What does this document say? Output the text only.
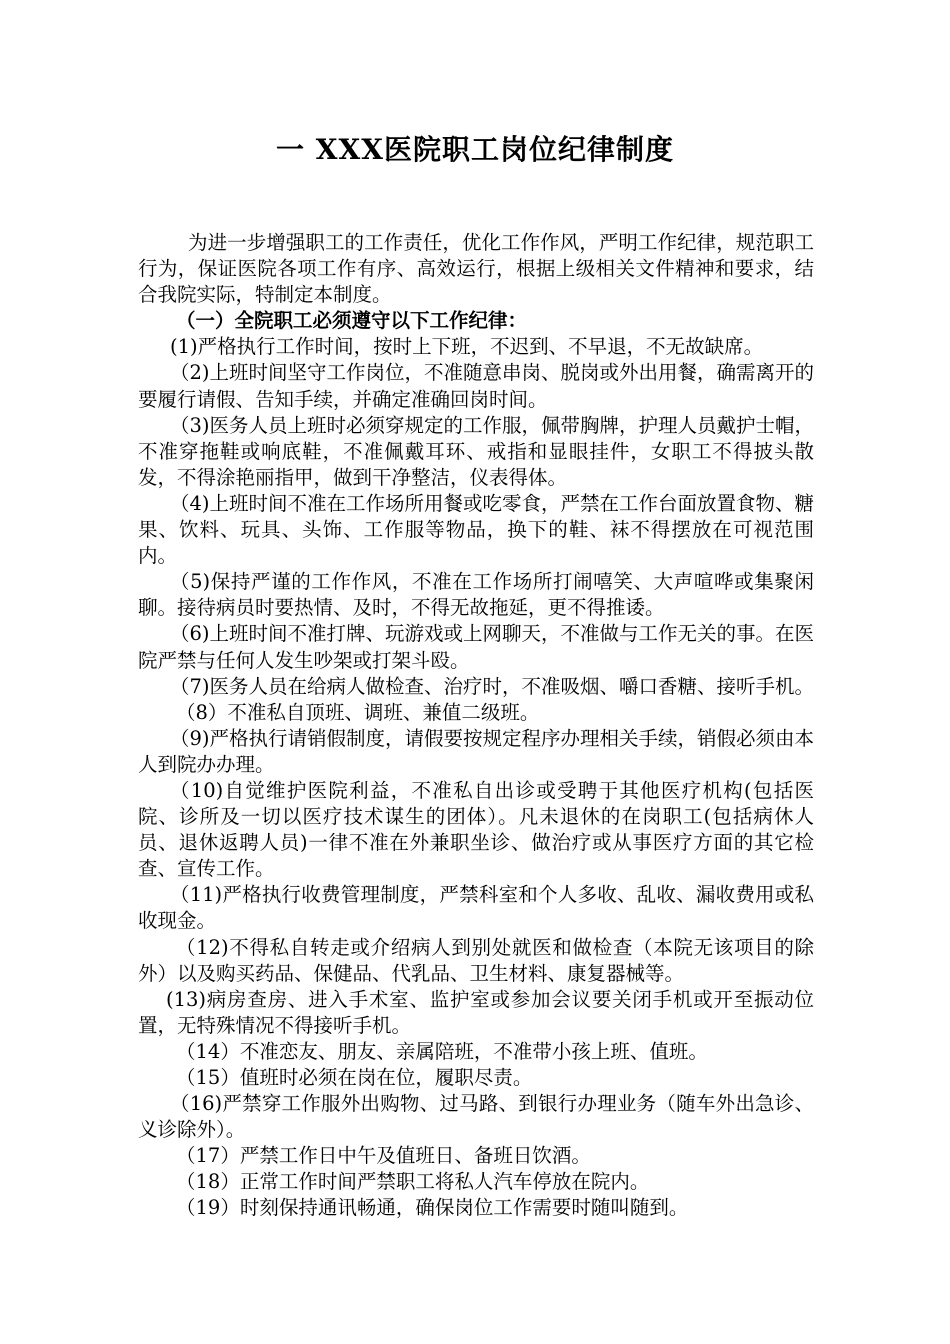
一 XXX医院职工岗位纪律制度

为进一步增强职工的工作责任，优化工作作风，严明工作纪律，规范职工行为，保证医院各项工作有序、高效运行，根据上级相关文件精神和要求，结合我院实际，特制定本制度。

（一）全院职工必须遵守以下工作纪律：

(1)严格执行工作时间，按时上下班，不迟到、不早退，不无故缺席。

（2)上班时间坚守工作岗位，不准随意串岗、脱岗或外出用餐，确需离开的要履行请假、告知手续，并确定准确回岗时间。

（3)医务人员上班时必须穿规定的工作服，佩带胸牌，护理人员戴护士帽，不准穿拖鞋或响底鞋，不准佩戴耳环、戒指和显眼挂件，女职工不得披头散发，不得涂艳丽指甲，做到干净整洁，仪表得体。

（4)上班时间不准在工作场所用餐或吃零食，严禁在工作台面放置食物、糖果、饮料、玩具、头饰、工作服等物品，换下的鞋、袜不得摆放在可视范围内。

（5)保持严谨的工作作风，不准在工作场所打闹嘻笑、大声喧哗或集聚闲聊。接待病员时要热情、及时，不得无故拖延，更不得推诿。

（6)上班时间不准打牌、玩游戏或上网聊天，不准做与工作无关的事。在医院严禁与任何人发生吵架或打架斗殴。

（7)医务人员在给病人做检查、治疗时，不准吸烟、嚼口香糖、接听手机。

（8）不准私自顶班、调班、兼值二级班。

（9)严格执行请销假制度，请假要按规定程序办理相关手续，销假必须由本人到院办办理。

（10)自觉维护医院利益，不准私自出诊或受聘于其他医疗机构(包括医院、诊所及一切以医疗技术谋生的团体）。凡未退休的在岗职工(包括病休人员、退休返聘人员)一律不准在外兼职坐诊、做治疗或从事医疗方面的其它检查、宣传工作。

（11)严格执行收费管理制度，严禁科室和个人多收、乱收、漏收费用或私收现金。

（12)不得私自转走或介绍病人到别处就医和做检查（本院无该项目的除外）以及购买药品、保健品、代乳品、卫生材料、康复器械等。

(13)病房查房、进入手术室、监护室或参加会议要关闭手机或开至振动位置，无特殊情况不得接听手机。

（14）不准恋友、朋友、亲属陪班，不准带小孩上班、值班。

（15）值班时必须在岗在位，履职尽责。

（16)严禁穿工作服外出购物、过马路、到银行办理业务（随车外出急诊、义诊除外）。

（17）严禁工作日中午及值班日、备班日饮酒。

（18）正常工作时间严禁职工将私人汽车停放在院内。

（19）时刻保持通讯畅通，确保岗位工作需要时随叫随到。
